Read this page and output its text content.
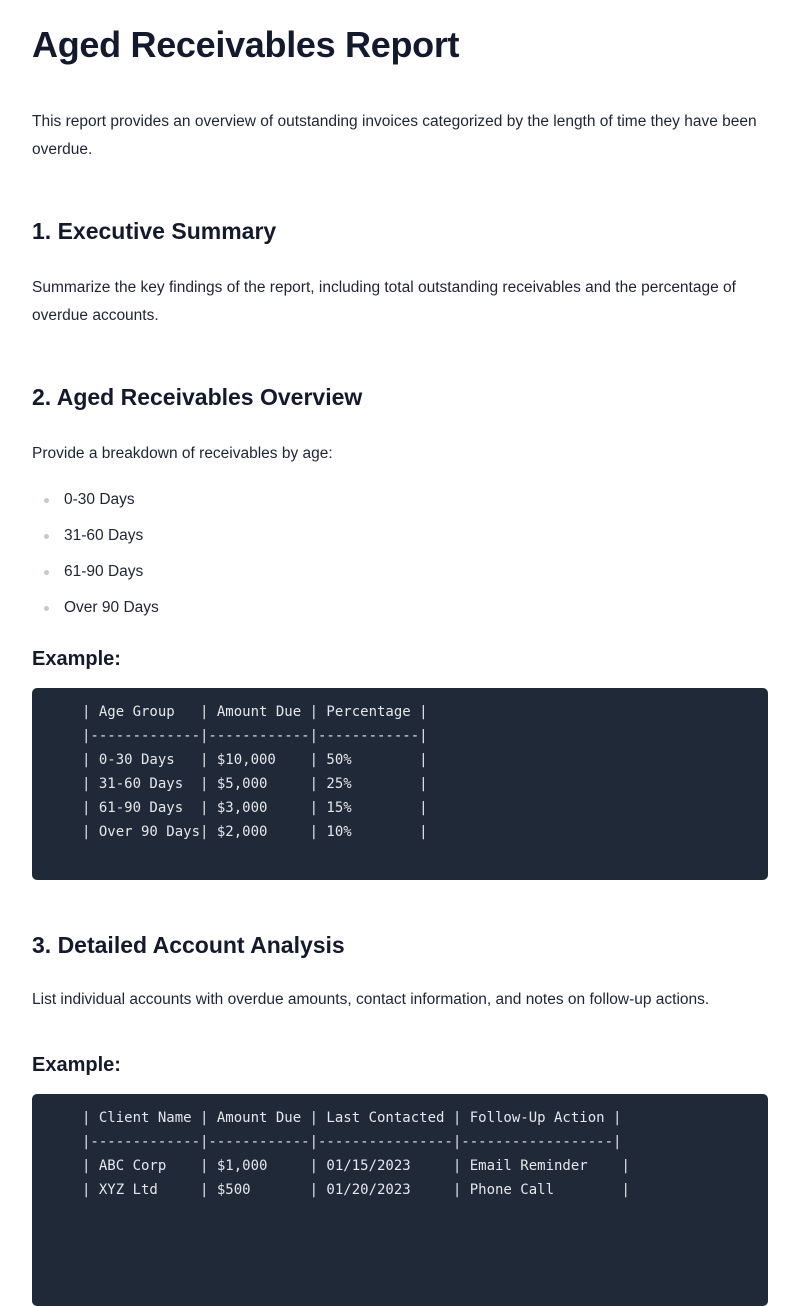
Aged Receivables Report

This report provides an overview of outstanding invoices categorized by the length of time they have been overdue.

1. Executive Summary

Summarize the key findings of the report, including total outstanding receivables and the percentage of overdue accounts.

2. Aged Receivables Overview

Provide a breakdown of receivables by age:

0-30 Days
31-60 Days
61-90 Days
Over 90 Days
Example:
| Age Group   | Amount Due | Percentage |
|-------------|------------|------------|
| 0-30 Days   | $10,000    | 50%        |
| 31-60 Days  | $5,000     | 25%        |
| 61-90 Days  | $3,000     | 15%        |
| Over 90 Days| $2,000     | 10%        |
3. Detailed Account Analysis

List individual accounts with overdue amounts, contact information, and notes on follow-up actions.

Example:
| Client Name | Amount Due | Last Contacted | Follow-Up Action |
|-------------|------------|----------------|------------------|
| ABC Corp    | $1,000     | 01/15/2023     | Email Reminder    |
| XYZ Ltd     | $500       | 01/20/2023     | Phone Call        |
